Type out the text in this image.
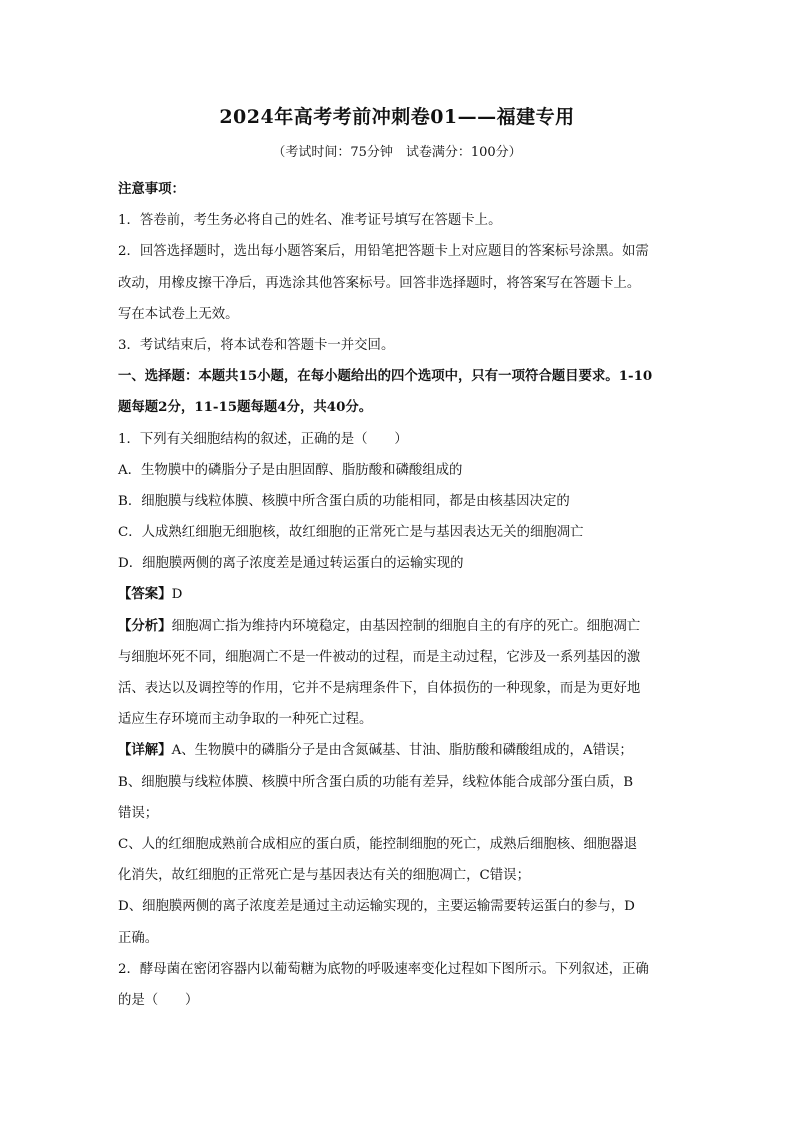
2024年高考考前冲刺卷01——福建专用
（考试时间：75分钟　试卷满分：100分）
注意事项：
1．答卷前，考生务必将自己的姓名、准考证号填写在答题卡上。
2．回答选择题时，选出每小题答案后，用铅笔把答题卡上对应题目的答案标号涂黑。如需
改动，用橡皮擦干净后，再选涂其他答案标号。回答非选择题时，将答案写在答题卡上。
写在本试卷上无效。
3．考试结束后，将本试卷和答题卡一并交回。
一、选择题：本题共15小题，在每小题给出的四个选项中，只有一项符合题目要求。1-10
题每题2分，11-15题每题4分，共40分。
1．下列有关细胞结构的叙述，正确的是（　　）
A．生物膜中的磷脂分子是由胆固醇、脂肪酸和磷酸组成的
B．细胞膜与线粒体膜、核膜中所含蛋白质的功能相同，都是由核基因决定的
C．人成熟红细胞无细胞核，故红细胞的正常死亡是与基因表达无关的细胞凋亡
D．细胞膜两侧的离子浓度差是通过转运蛋白的运输实现的
【答案】D
【分析】细胞凋亡指为维持内环境稳定，由基因控制的细胞自主的有序的死亡。细胞凋亡
与细胞坏死不同，细胞凋亡不是一件被动的过程，而是主动过程，它涉及一系列基因的激
活、表达以及调控等的作用，它并不是病理条件下，自体损伤的一种现象，而是为更好地
适应生存环境而主动争取的一种死亡过程。
【详解】A、生物膜中的磷脂分子是由含氮碱基、甘油、脂肪酸和磷酸组成的，A错误；
B、细胞膜与线粒体膜、核膜中所含蛋白质的功能有差异，线粒体能合成部分蛋白质，B
错误；
C、人的红细胞成熟前合成相应的蛋白质，能控制细胞的死亡，成熟后细胞核、细胞器退
化消失，故红细胞的正常死亡是与基因表达有关的细胞凋亡，C错误；
D、细胞膜两侧的离子浓度差是通过主动运输实现的，主要运输需要转运蛋白的参与，D
正确。
2．酵母菌在密闭容器内以葡萄糖为底物的呼吸速率变化过程如下图所示。下列叙述，正确
的是（　　）
